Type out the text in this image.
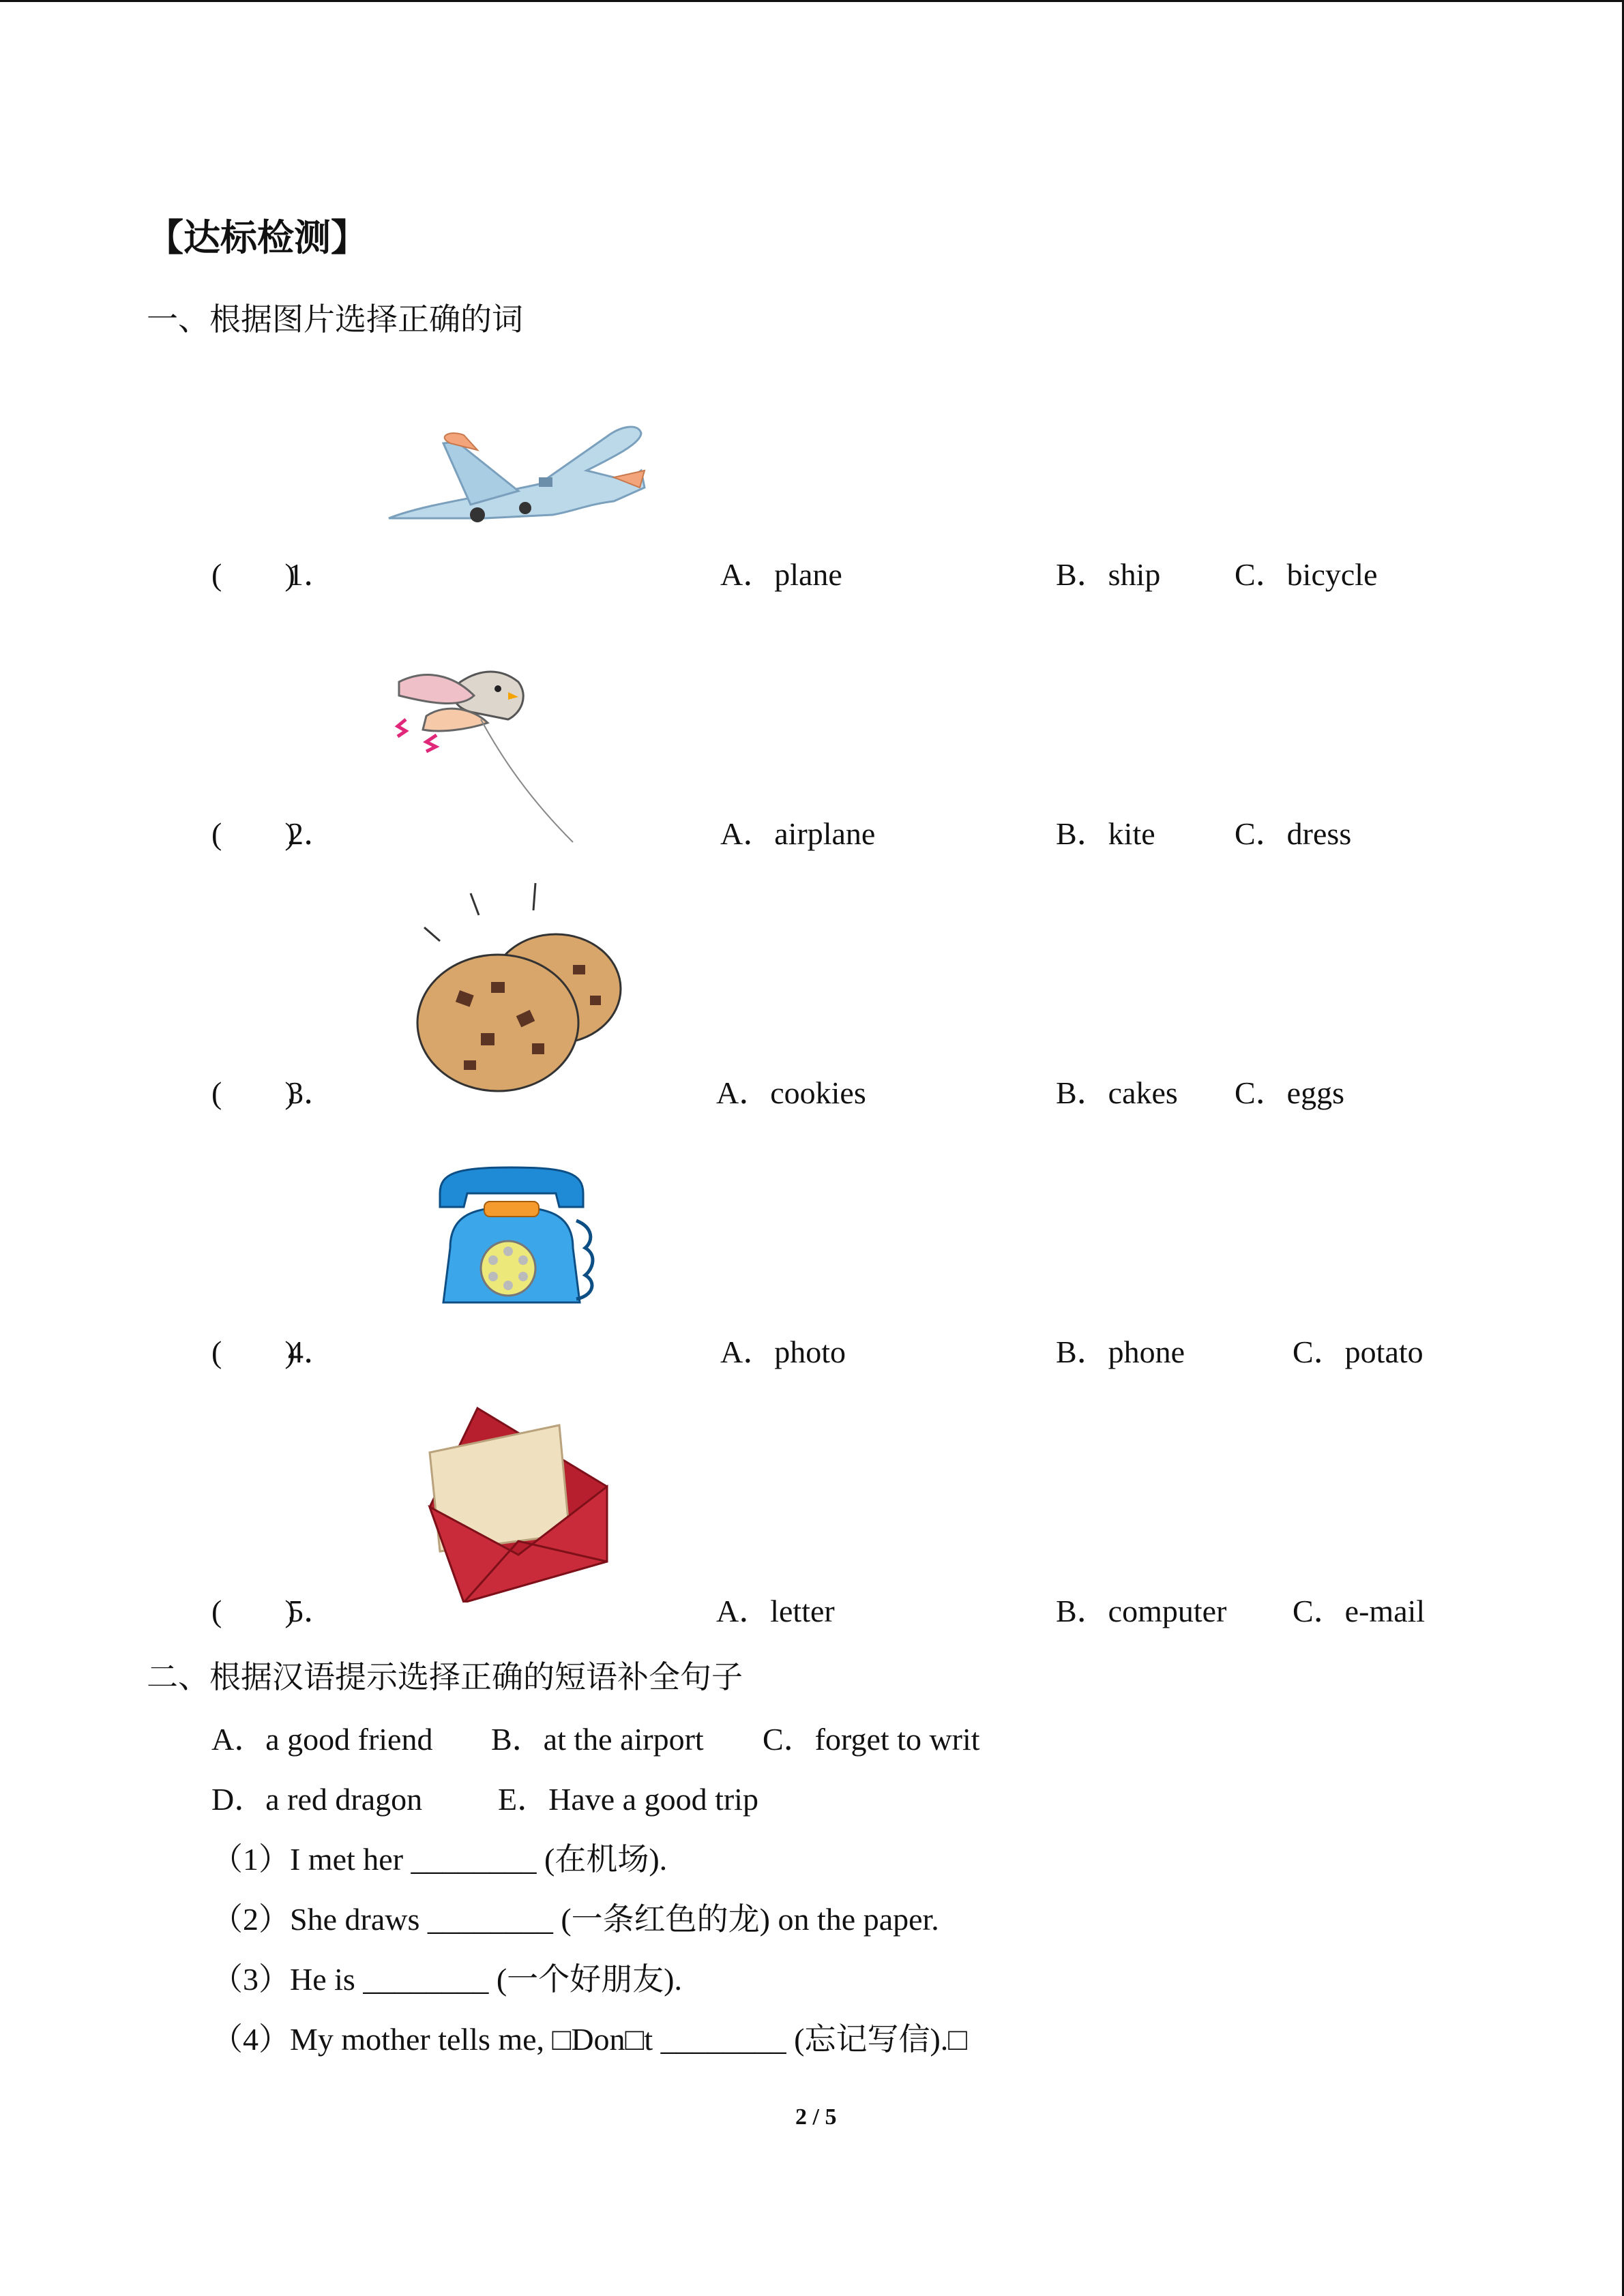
【达标检测】
一、根据图片选择正确的词
(　　)
1．	A．plane	B．ship C．bicycle
(　　)
2．	A．airplane	B．kite	C．dress
(　　)
3．	A．cookies	B．cakes C．eggs
(　　)
4．	A．photo	B．phone	C．potato
(　　)
5．	A．letter	B．computer C．e-mail
二、根据汉语提示选择正确的短语补全句子
A．a good friend B．at the airport C．forget to writ
D．a red dragon E．Have a good trip
（1）I met her ________ (在机场).
（2）She draws ________ (一条红色的龙) on the paper.
（3）He is ________ (一个好朋友).
（4）My mother tells me, □Don□t ________ (忘记写信).□
2 / 5
